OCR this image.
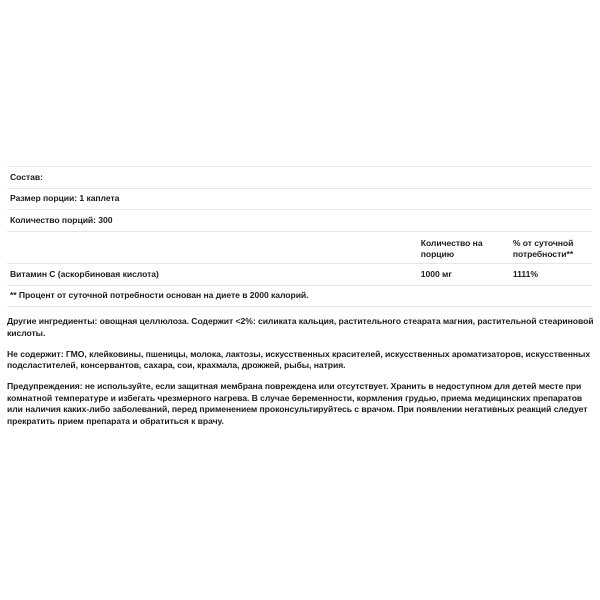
Состав:
Размер порции: 1 каплета
Количество порций: 300
Количество на порцию
% от суточной потребности**
Витамин С (аскорбиновая кислота)	1000 мг	1111%
** Процент от суточной потребности основан на диете в 2000 калорий.

Другие ингредиенты: овощная целлюлоза. Содержит <2%: силиката кальция, растительного стеарата магния, растительной стеариновой кислоты.

Не содержит: ГМО, клейковины, пшеницы, молока, лактозы, искусственных красителей, искусственных ароматизаторов, искусственных подсластителей, консервантов, сахара, сои, крахмала, дрожжей, рыбы, натрия.

Предупреждения: не используйте, если защитная мембрана повреждена или отсутствует. Хранить в недоступном для детей месте при комнатной температуре и избегать чрезмерного нагрева. В случае беременности, кормления грудью, приема медицинских препаратов или наличия каких-либо заболеваний, перед применением проконсультируйтесь с врачом. При появлении негативных реакций следует прекратить прием препарата и обратиться к врачу.
